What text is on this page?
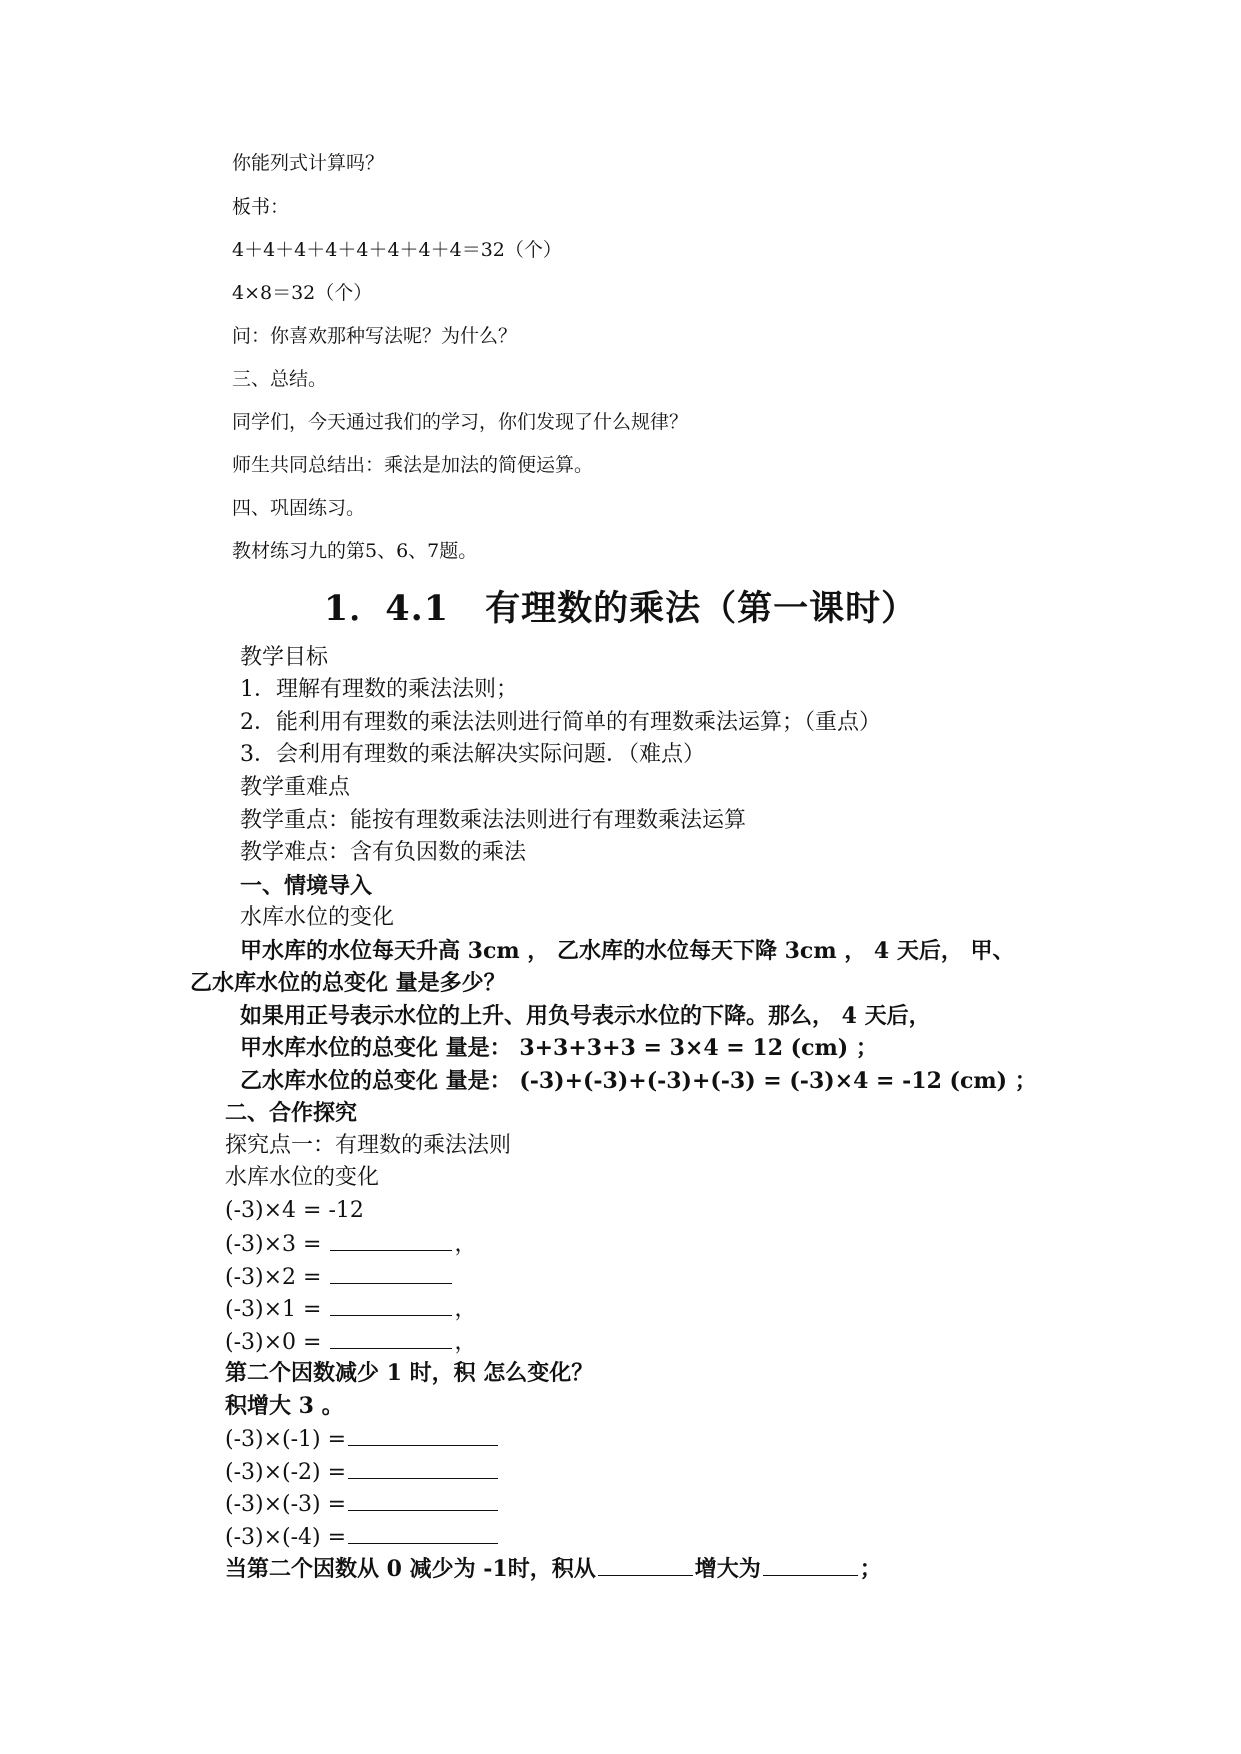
你能列式计算吗？
板书：
4＋4＋4＋4＋4＋4＋4＋4＝32（个）
4×8＝32（个）
问：你喜欢那种写法呢？为什么？
三、总结。
同学们，今天通过我们的学习，你们发现了什么规律？
师生共同总结出：乘法是加法的简便运算。
四、巩固练习。
教材练习九的第5、6、7题。
1．4.1　有理数的乘法（第一课时）
教学目标
1．理解有理数的乘法法则；
2．能利用有理数的乘法法则进行简单的有理数乘法运算；（重点）
3．会利用有理数的乘法解决实际问题．（难点）
教学重难点
教学重点：能按有理数乘法法则进行有理数乘法运算
教学难点：含有负因数的乘法
一、情境导入
水库水位的变化
甲水库的水位每天升高 3cm ， 乙水库的水位每天下降 3cm ， 4 天后， 甲、
乙水库水位的总变化 量是多少？
如果用正号表示水位的上升、用负号表示水位的下降。那么， 4 天后，
甲水库水位的总变化 量是： 3+3+3+3 = 3×4 = 12 (cm) ；
乙水库水位的总变化 量是： (-3)+(-3)+(-3)+(-3) = (-3)×4 = -12 (cm) ；
二、合作探究
探究点一：有理数的乘法法则
水库水位的变化
(-3)×4 = -12
(-3)×3 =	，
(-3)×2 =
(-3)×1 =	，
(-3)×0 =	，
第二个因数减少 1 时，积 怎么变化？
积增大 3 。
(-3)×(-1) =
(-3)×(-2) =
(-3)×(-3) =
(-3)×(-4) =
当第二个因数从 0 减少为 -1时，积从	增大为	；
